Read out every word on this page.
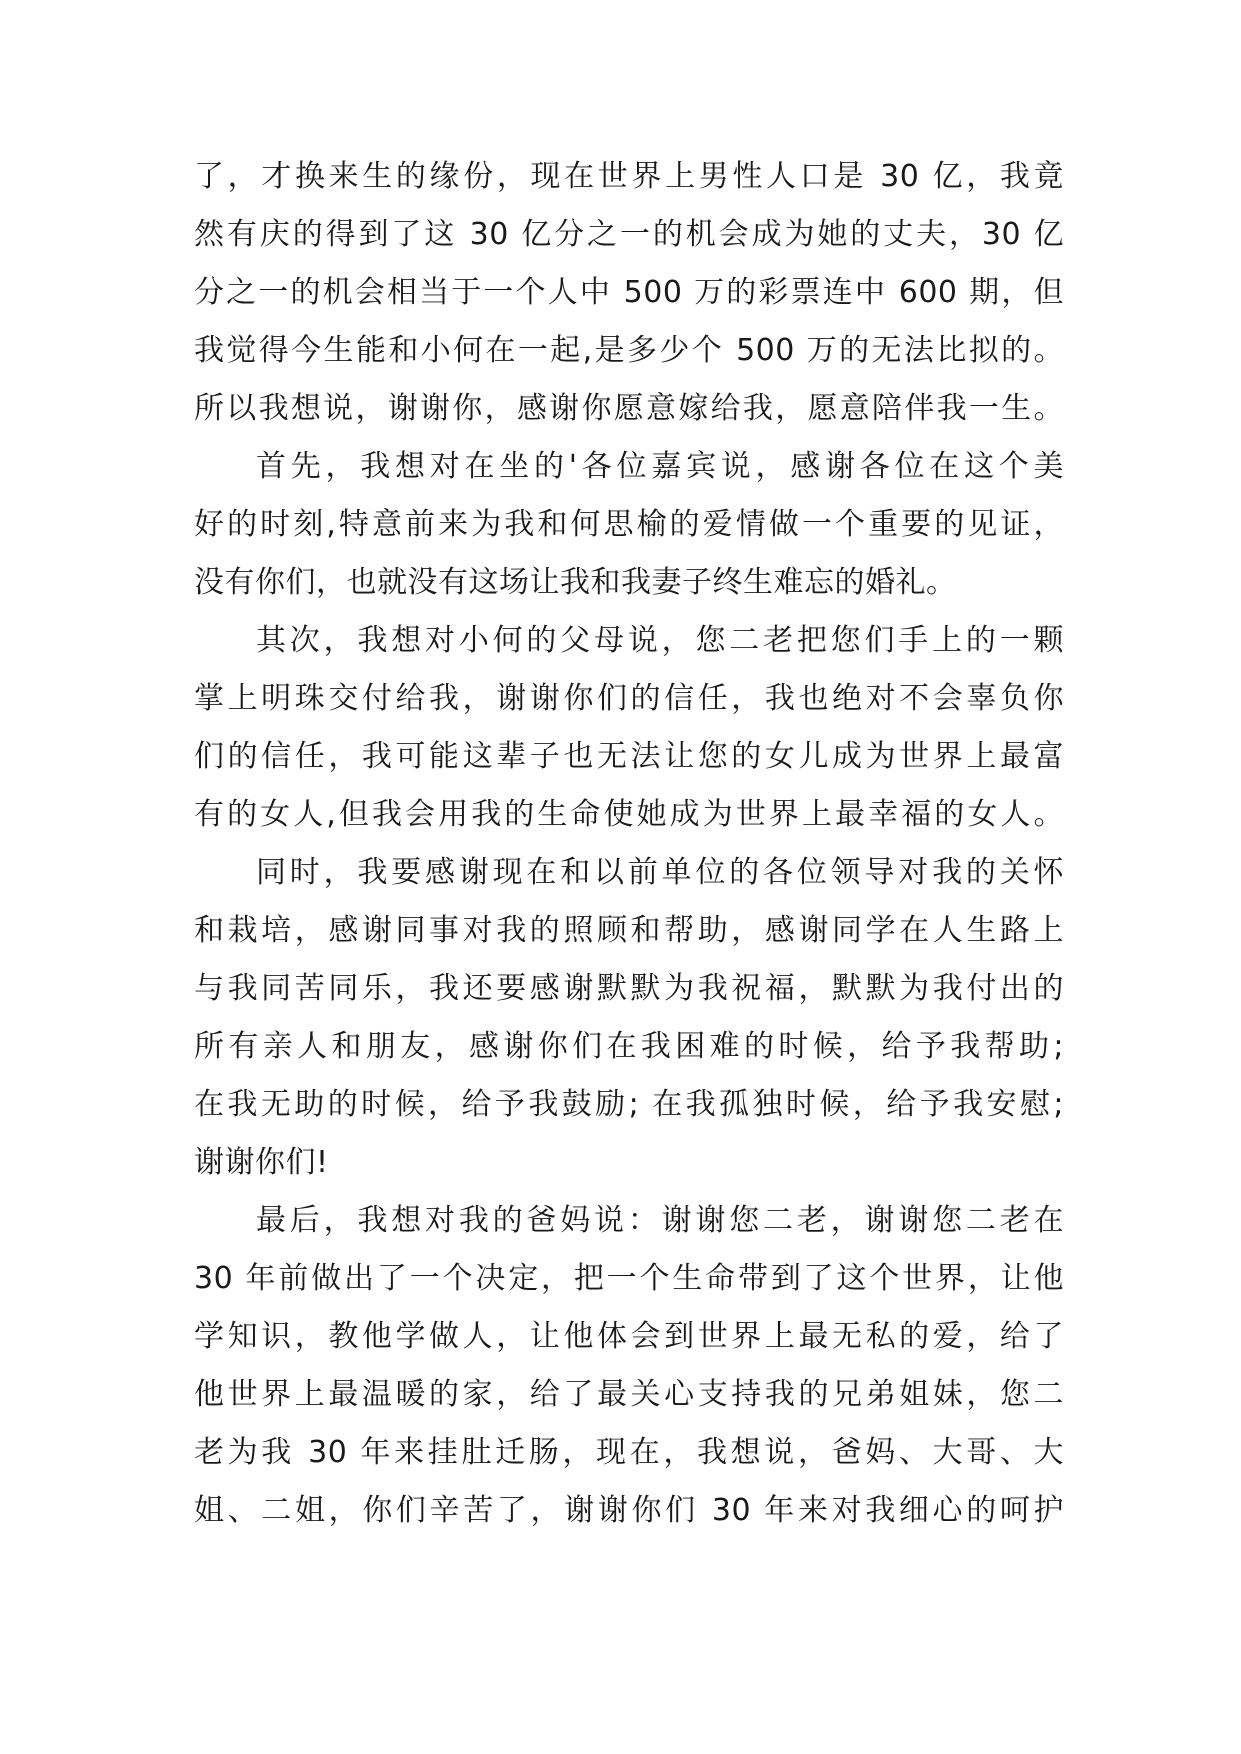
了，才换来生的缘份，现在世界上男性人口是 30 亿，我竟
然有庆的得到了这 30 亿分之一的机会成为她的丈夫，30 亿
分之一的机会相当于一个人中 500 万的彩票连中 600 期，但
我觉得今生能和小何在一起,是多少个 500 万的无法比拟的。
所以我想说，谢谢你，感谢你愿意嫁给我，愿意陪伴我一生。
首先，我想对在坐的'各位嘉宾说，感谢各位在这个美
好的时刻,特意前来为我和何思榆的爱情做一个重要的见证，
没有你们，也就没有这场让我和我妻子终生难忘的婚礼。
其次，我想对小何的父母说，您二老把您们手上的一颗
掌上明珠交付给我，谢谢你们的信任，我也绝对不会辜负你
们的信任，我可能这辈子也无法让您的女儿成为世界上最富
有的女人,但我会用我的生命使她成为世界上最幸福的女人。
同时，我要感谢现在和以前单位的各位领导对我的关怀
和栽培，感谢同事对我的照顾和帮助，感谢同学在人生路上
与我同苦同乐，我还要感谢默默为我祝福，默默为我付出的
所有亲人和朋友，感谢你们在我困难的时候，给予我帮助;
在我无助的时候，给予我鼓励; 在我孤独时候，给予我安慰;
谢谢你们!
最后，我想对我的爸妈说：谢谢您二老，谢谢您二老在
30 年前做出了一个决定，把一个生命带到了这个世界，让他
学知识，教他学做人，让他体会到世界上最无私的爱，给了
他世界上最温暖的家，给了最关心支持我的兄弟姐妹，您二
老为我 30 年来挂肚迁肠，现在，我想说，爸妈、大哥、大
姐、二姐，你们辛苦了，谢谢你们 30 年来对我细心的呵护
